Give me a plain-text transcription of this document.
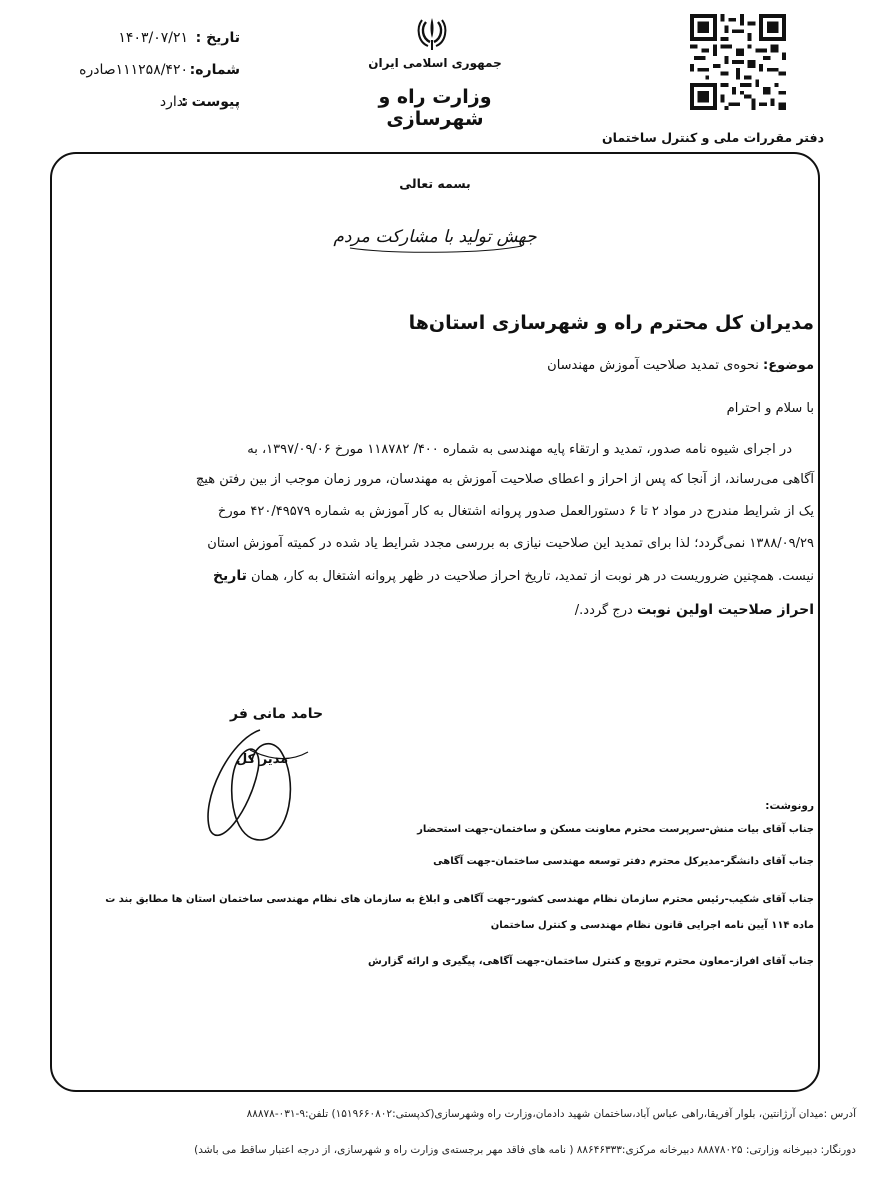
تاریخ :
۱۴۰۳/۰۷/۲۱
شماره:
۱۱۱۲۵۸/۴۲۰صادره
پیوست :
ندارد
جمهوری اسلامی ایران
وزارت راه و شهرسازی
دفتر مقررات ملی و کنترل ساختمان
بسمه تعالی
جهش تولید با مشارکت مردم
مدیران کل محترم راه و شهرسازی استان‌ها
موضوع: نحوه‌ی تمدید صلاحیت آموزش مهندسان
با سلام و احترام
در اجرای شیوه نامه صدور، تمدید و ارتقاء پایه مهندسی به شماره ۴۰۰/ ۱۱۸۷۸۲ مورخ ۱۳۹۷/۰۹/۰۶، به
آگاهی می‌رساند، از آنجا که پس از احراز و اعطای صلاحیت آموزش به مهندسان، مرور زمان موجب از بین رفتن هیچ
یک از شرایط مندرج در مواد ۲ تا ۶ دستورالعمل صدور پروانه اشتغال به کار آموزش به شماره ۴۲۰/۴۹۵۷۹ مورخ
۱۳۸۸/۰۹/۲۹ نمی‌گردد؛ لذا برای تمدید این صلاحیت نیازی به بررسی مجدد شرایط یاد شده در کمیته آموزش استان
نیست. همچنین ضروریست در هر نوبت از تمدید، تاریخ احراز صلاحیت در ظهر پروانه اشتغال به کار، همان تاریخ
احراز صلاحیت اولین نوبت درج گردد./
حامد مانی فر
مدیر کل
رونوشت:
جناب آقای بیات منش-سرپرست محترم معاونت مسکن و ساختمان-جهت استحضار
جناب آقای دانشگر-مدیرکل محترم دفتر توسعه مهندسی ساختمان-جهت آگاهی
جناب آقای شکیب-رئیس محترم سازمان نظام مهندسی کشور-جهت آگاهی و ابلاغ به سازمان های نظام مهندسی ساختمان استان ها مطابق بند ت
ماده ۱۱۴ آیین نامه اجرایی قانون نظام مهندسی و کنترل ساختمان
جناب آقای افراز-معاون محترم ترویج و کنترل ساختمان-جهت آگاهی، پیگیری و ارائه گزارش
آدرس :میدان آرژانتین، بلوار آفریقا،راهی عباس آباد،ساختمان شهید دادمان،وزارت راه وشهرسازی(کدپستی:۱۵۱۹۶۶۰۸۰۲) تلفن:۹-۰۳۱-۸۸۸۷۸
دورنگار: دبیرخانه وزارتی: ۸۸۸۷۸۰۲۵ دبیرخانه مرکزی:۸۸۶۴۶۳۳۳ ( نامه های فاقد مهر برجسته‌ی وزارت راه و شهرسازی، از درجه اعتبار ساقط می باشد)
